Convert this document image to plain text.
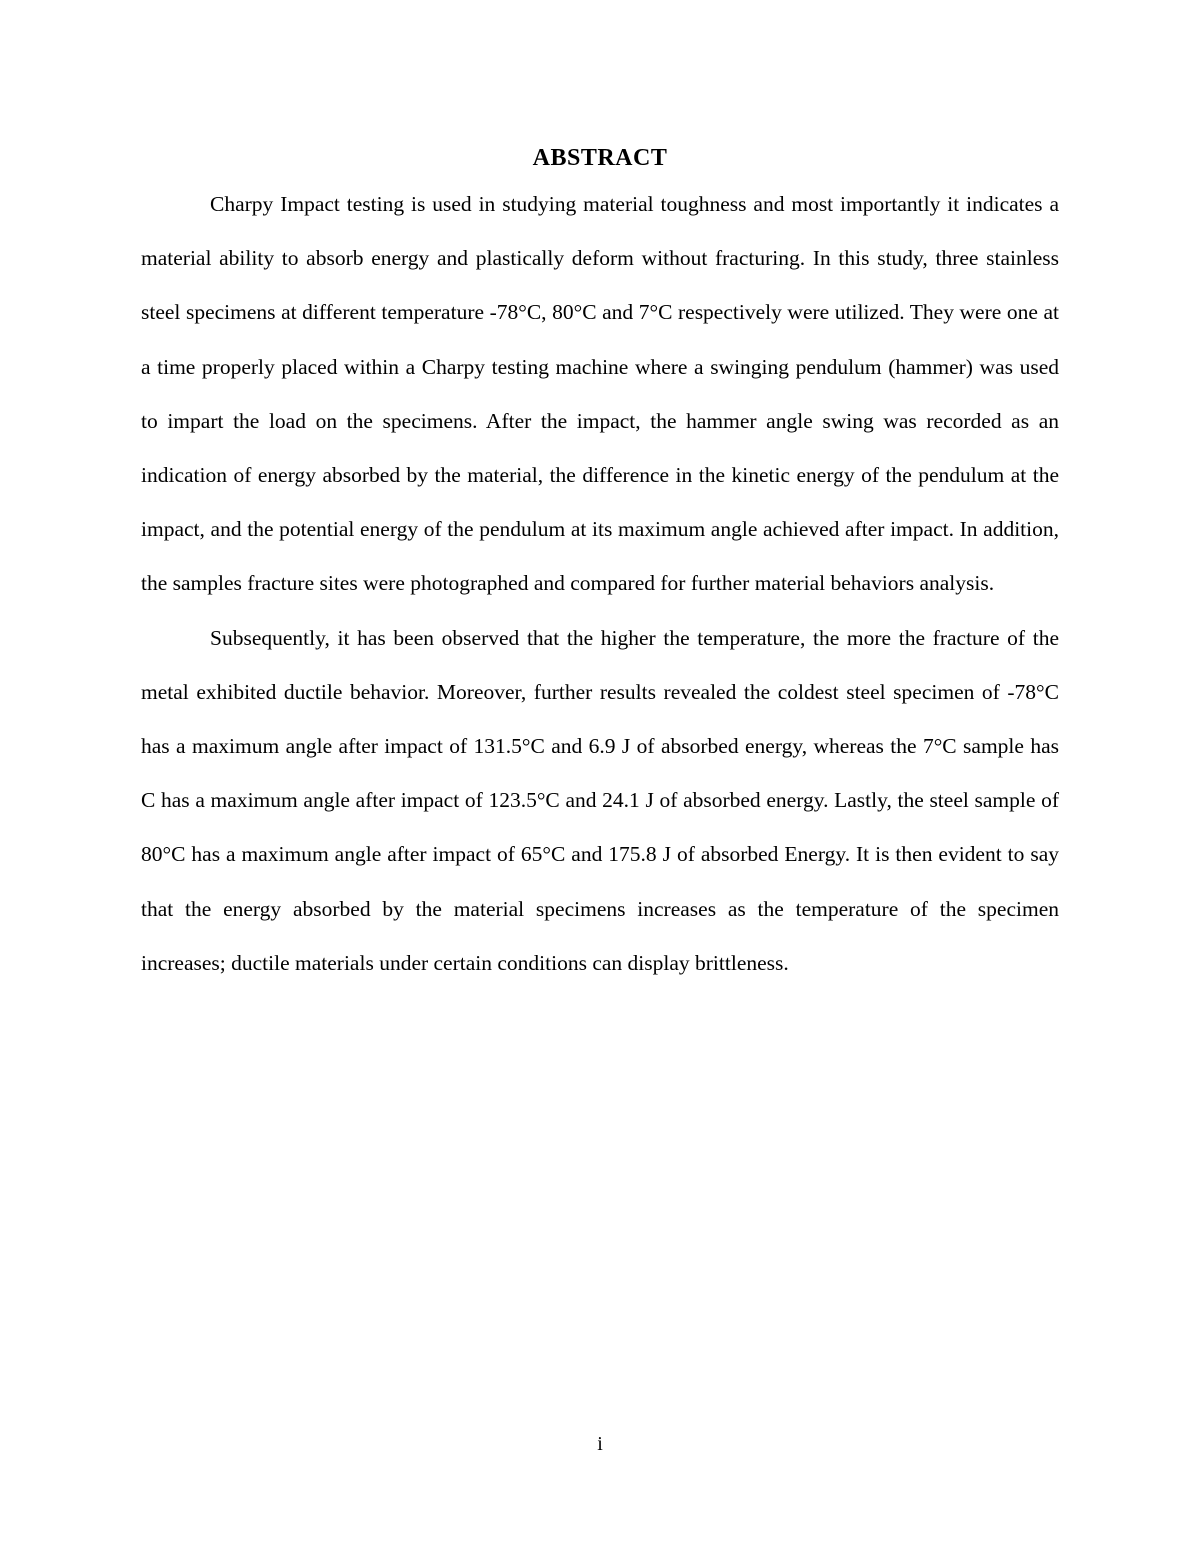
ABSTRACT

Charpy Impact testing is used in studying material toughness and most importantly it indicates a material ability to absorb energy and plastically deform without fracturing. In this study, three stainless steel specimens at different temperature -78°C, 80°C and 7°C respectively were utilized. They were one at a time properly placed within a Charpy testing machine where a swinging pendulum (hammer) was used to impart the load on the specimens. After the impact, the hammer angle swing was recorded as an indication of energy absorbed by the material, the difference in the kinetic energy of the pendulum at the impact, and the potential energy of the pendulum at its maximum angle achieved after impact. In addition, the samples fracture sites were photographed and compared for further material behaviors analysis.

Subsequently, it has been observed that the higher the temperature, the more the fracture of the metal exhibited ductile behavior. Moreover, further results revealed the coldest steel specimen of -78°C has a maximum angle after impact of 131.5°C and 6.9 J of absorbed energy, whereas the 7°C sample has C has a maximum angle after impact of 123.5°C and 24.1 J of absorbed energy. Lastly, the steel sample of 80°C has a maximum angle after impact of 65°C and 175.8 J of absorbed Energy. It is then evident to say that the energy absorbed by the material specimens increases as the temperature of the specimen increases; ductile materials under certain conditions can display brittleness.

i
